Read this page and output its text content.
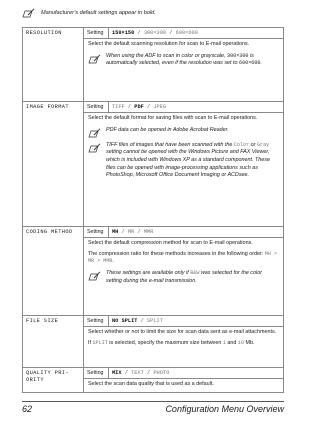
Manufacturer’s default settings appear in bold.
RESOLUTION	Setting	150×150 / 300×300 / 600×600

	Select the default scanning resolution for scan to E-mail operations.

When using the ADF to scan in color or grayscale, 300×300 is automatically selected, even if the resolution was set to 600×600.	

IMAGE FORMAT	Setting	TIFF / PDF / JPEG

	Select the default format for saving files with scan to E-mail operations.

PDF data can be opened in Adobe Acrobat Reader.

TIFF files of images that have been scanned with the Color or Gray setting cannot be opened with the Windows Picture and FAX Viewer, which is included with Windows XP as a standard component. These files can be opened with image-processing applications such as PhotoShop, Microsoft Office Document Imaging or ACDsee.	

CODING METHOD	Setting	MH / MR / MMR

	Select the default compression method for scan to E-mail operations.

The compression ratio for these methods increases in the following order: MH > MR > MMR.

These settings are available only if B&W was selected for the color setting during the e-mail transmission.	

FILE SIZE	Setting	NO SPLIT / SPLIT

	Select whether or not to limit the size for scan data sent as e-mail attachments.

If SPLIT is selected, specify the maximum size between 1 and 10 Mb.	

QUALITY PRI-ORITY	Setting	MIX / TEXT / PHOTO

	Select the scan data quality that is used as a default.	

62	Configuration Menu Overview
